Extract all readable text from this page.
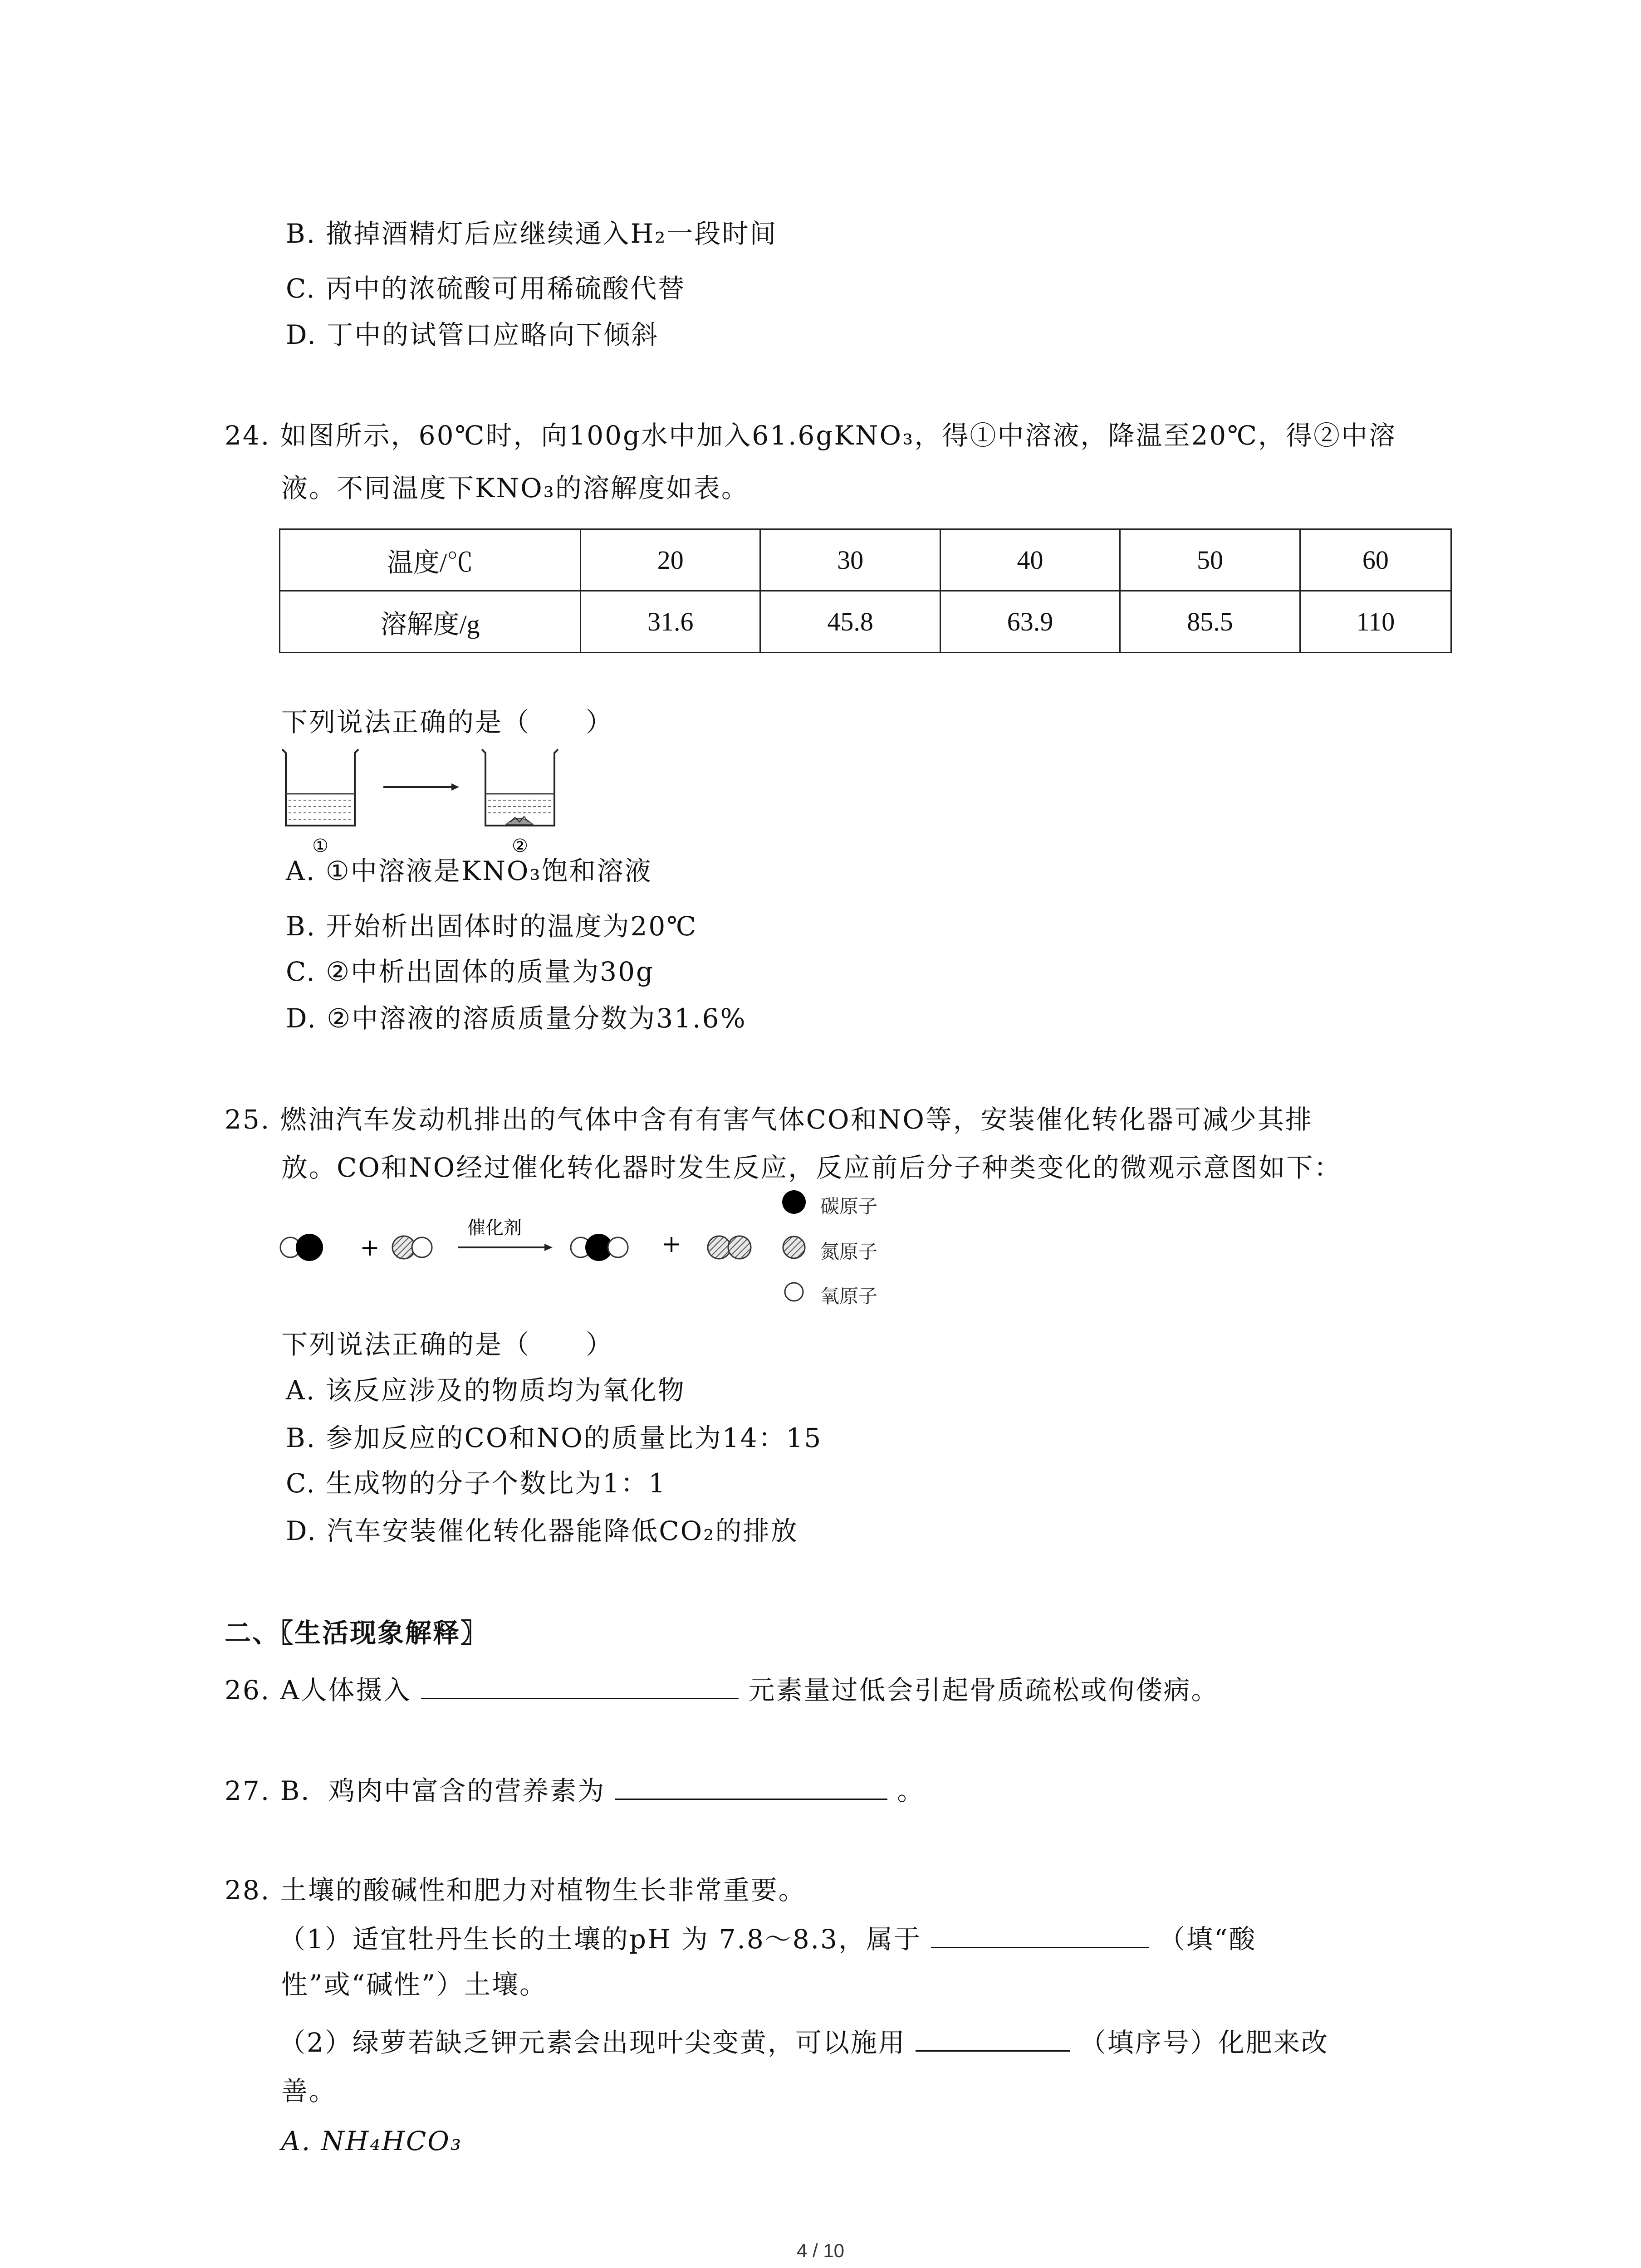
B. 撤掉酒精灯后应继续通入H₂一段时间
C. 丙中的浓硫酸可用稀硫酸代替
D. 丁中的试管口应略向下倾斜
24. 如图所示，60℃时，向100g水中加入61.6gKNO₃，得①中溶液，降温至20℃，得②中溶
液。不同温度下KNO₃的溶解度如表。
温度/℃	20	30	40	50	60
溶解度/g	31.6	45.8	63.9	85.5	110
下列说法正确的是（　　）
①	②
A. ①中溶液是KNO₃饱和溶液
B. 开始析出固体时的温度为20℃
C. ②中析出固体的质量为30g
D. ②中溶液的溶质质量分数为31.6%
25. 燃油汽车发动机排出的气体中含有有害气体CO和NO等，安装催化转化器可减少其排
放。CO和NO经过催化转化器时发生反应，反应前后分子种类变化的微观示意图如下：
+
催化剂
+
碳原子
氮原子
氧原子
下列说法正确的是（　　）
A. 该反应涉及的物质均为氧化物
B. 参加反应的CO和NO的质量比为14：15
C. 生成物的分子个数比为1：1
D. 汽车安装催化转化器能降低CO₂的排放
二、〖生活现象解释〗
26. A人体摄入	元素量过低会引起骨质疏松或佝偻病。
27. B．鸡肉中富含的营养素为	。
28. 土壤的酸碱性和肥力对植物生长非常重要。
（1）适宜牡丹生长的土壤的pH 为 7.8～8.3，属于	（填“酸
性”或“碱性”）土壤。
（2）绿萝若缺乏钾元素会出现叶尖变黄，可以施用	（填序号）化肥来改
善。
A. NH₄HCO₃
4 / 10
